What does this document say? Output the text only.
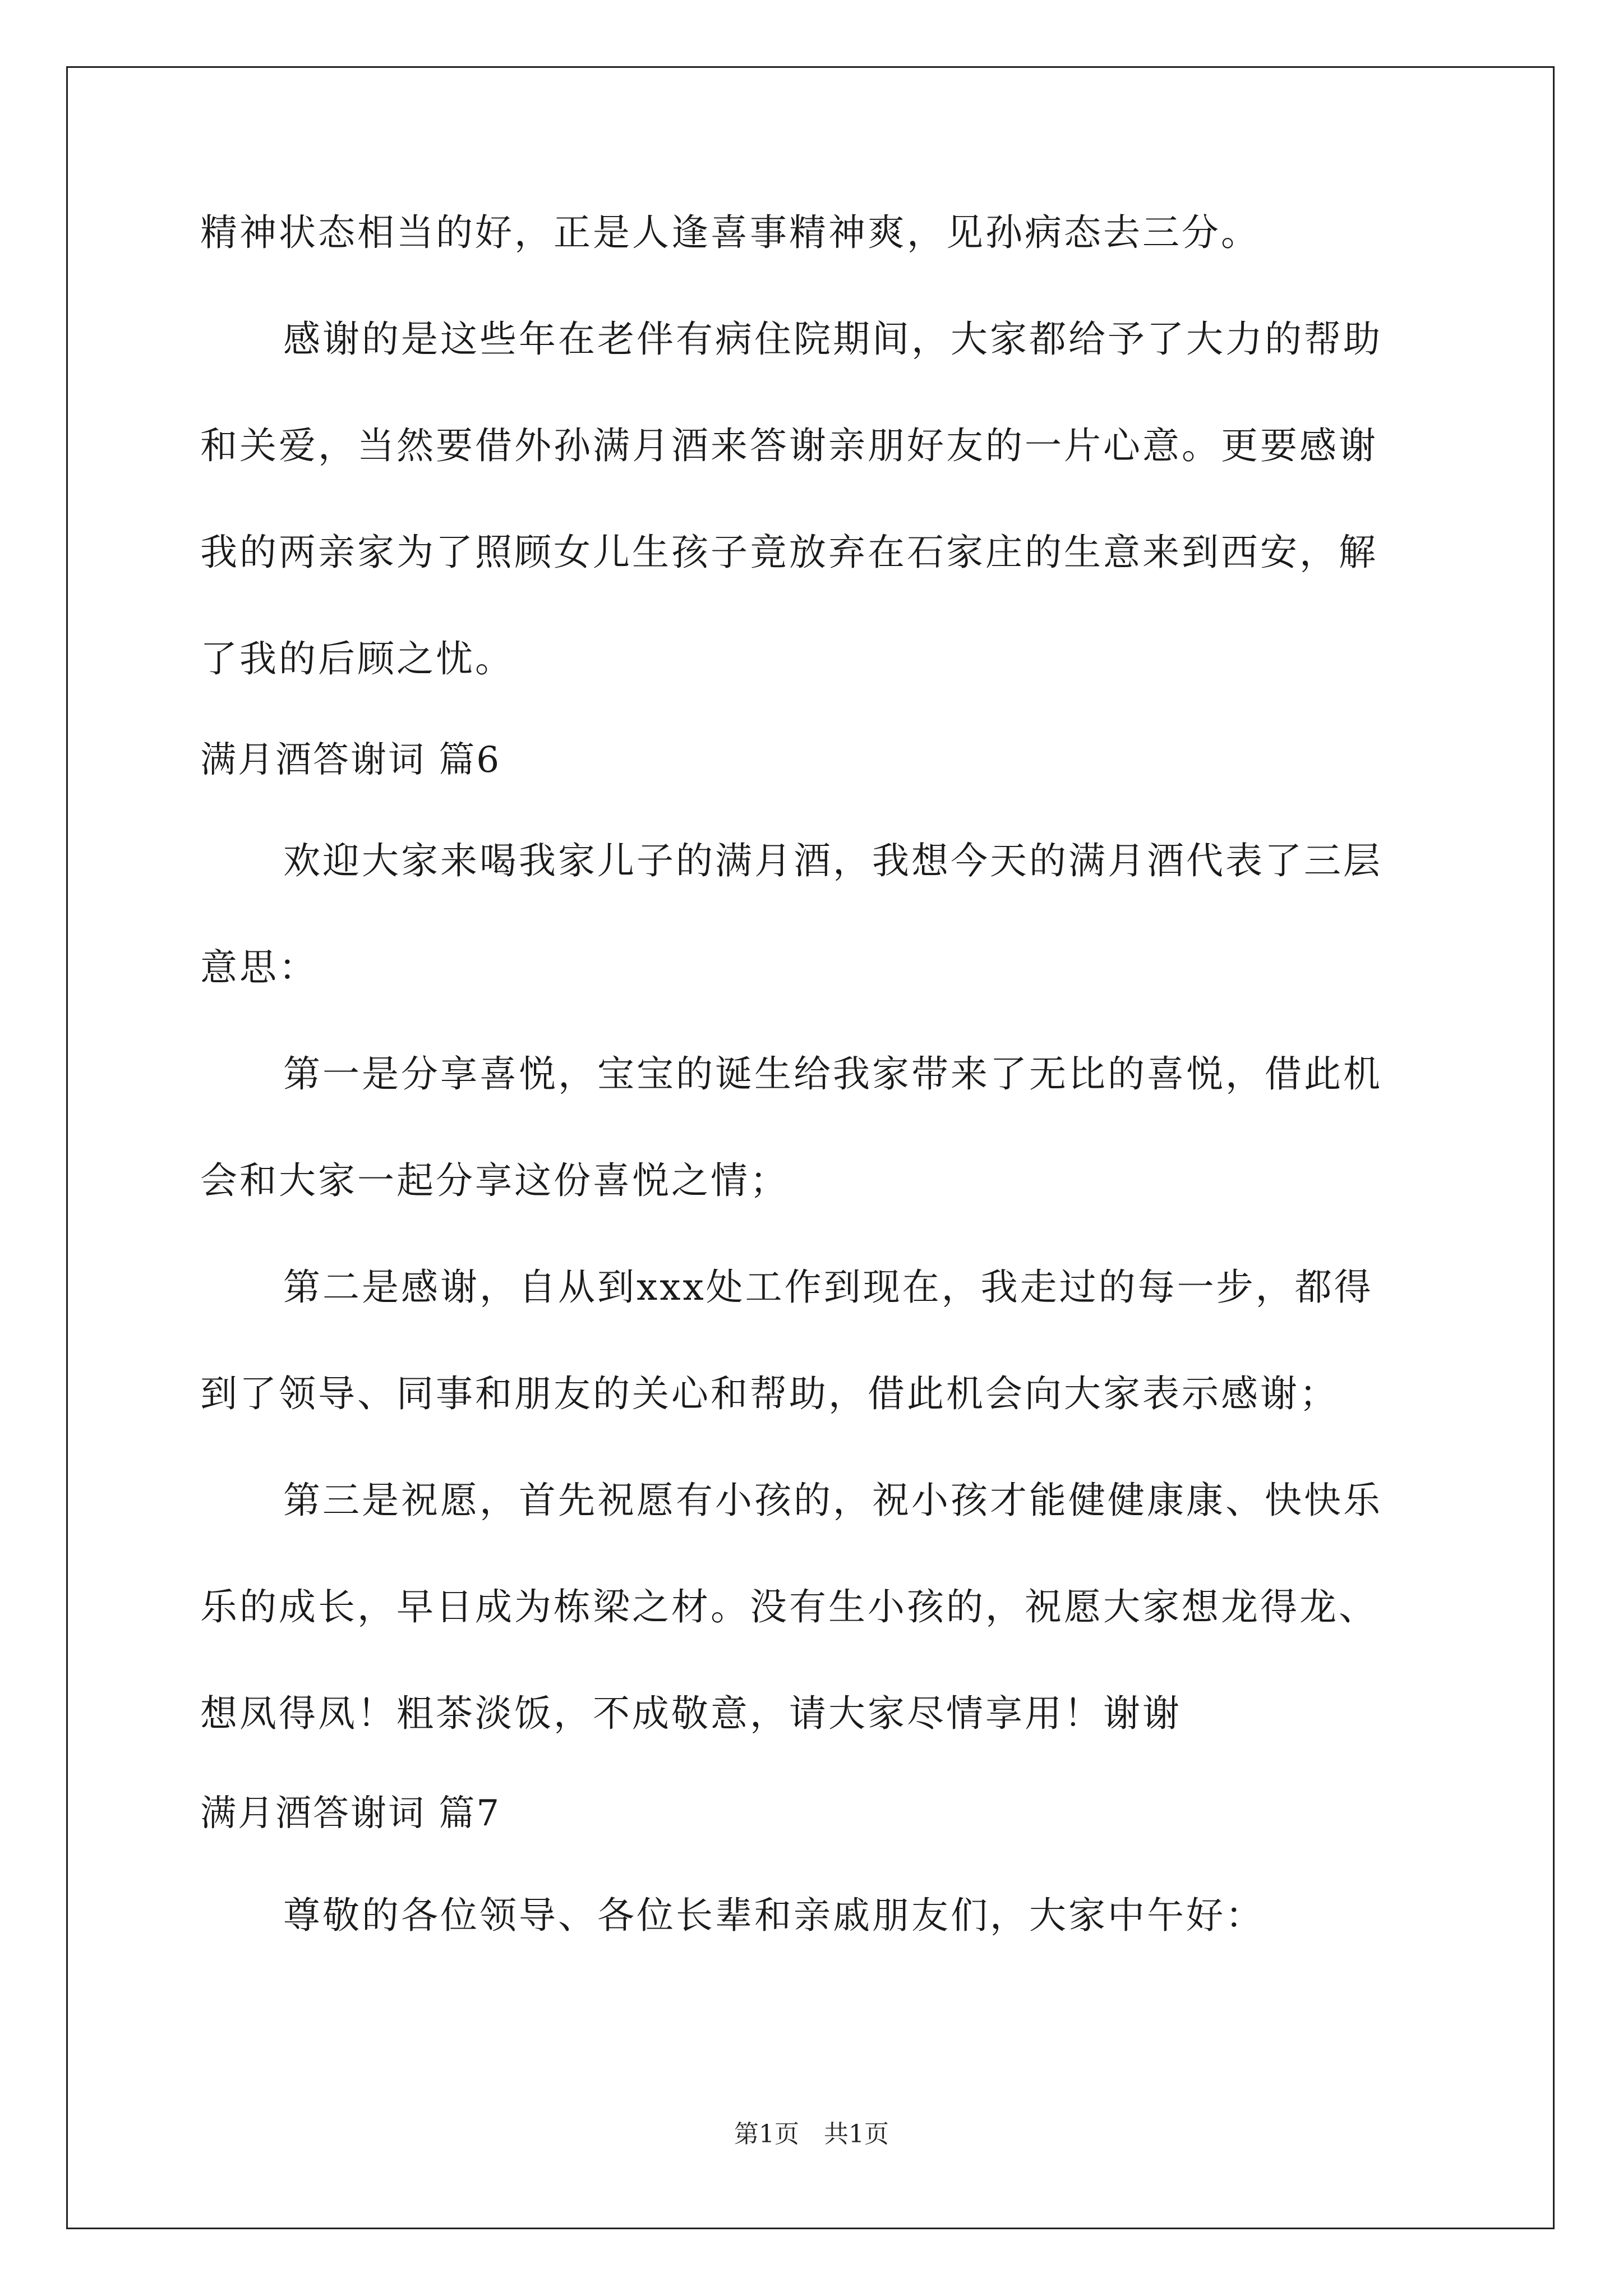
精神状态相当的好，正是人逢喜事精神爽，见孙病态去三分。
感谢的是这些年在老伴有病住院期间，大家都给予了大力的帮助
和关爱，当然要借外孙满月酒来答谢亲朋好友的一片心意。更要感谢
我的两亲家为了照顾女儿生孩子竟放弃在石家庄的生意来到西安，解
了我的后顾之忧。
满月酒答谢词 篇6
欢迎大家来喝我家儿子的满月酒，我想今天的满月酒代表了三层
意思：
第一是分享喜悦，宝宝的诞生给我家带来了无比的喜悦，借此机
会和大家一起分享这份喜悦之情；
第二是感谢，自从到xxx处工作到现在，我走过的每一步，都得
到了领导、同事和朋友的关心和帮助，借此机会向大家表示感谢；
第三是祝愿，首先祝愿有小孩的，祝小孩才能健健康康、快快乐
乐的成长，早日成为栋梁之材。没有生小孩的，祝愿大家想龙得龙、
想凤得凤！粗茶淡饭，不成敬意，请大家尽情享用！谢谢
满月酒答谢词 篇7
尊敬的各位领导、各位长辈和亲戚朋友们，大家中午好：
第1页　共1页
